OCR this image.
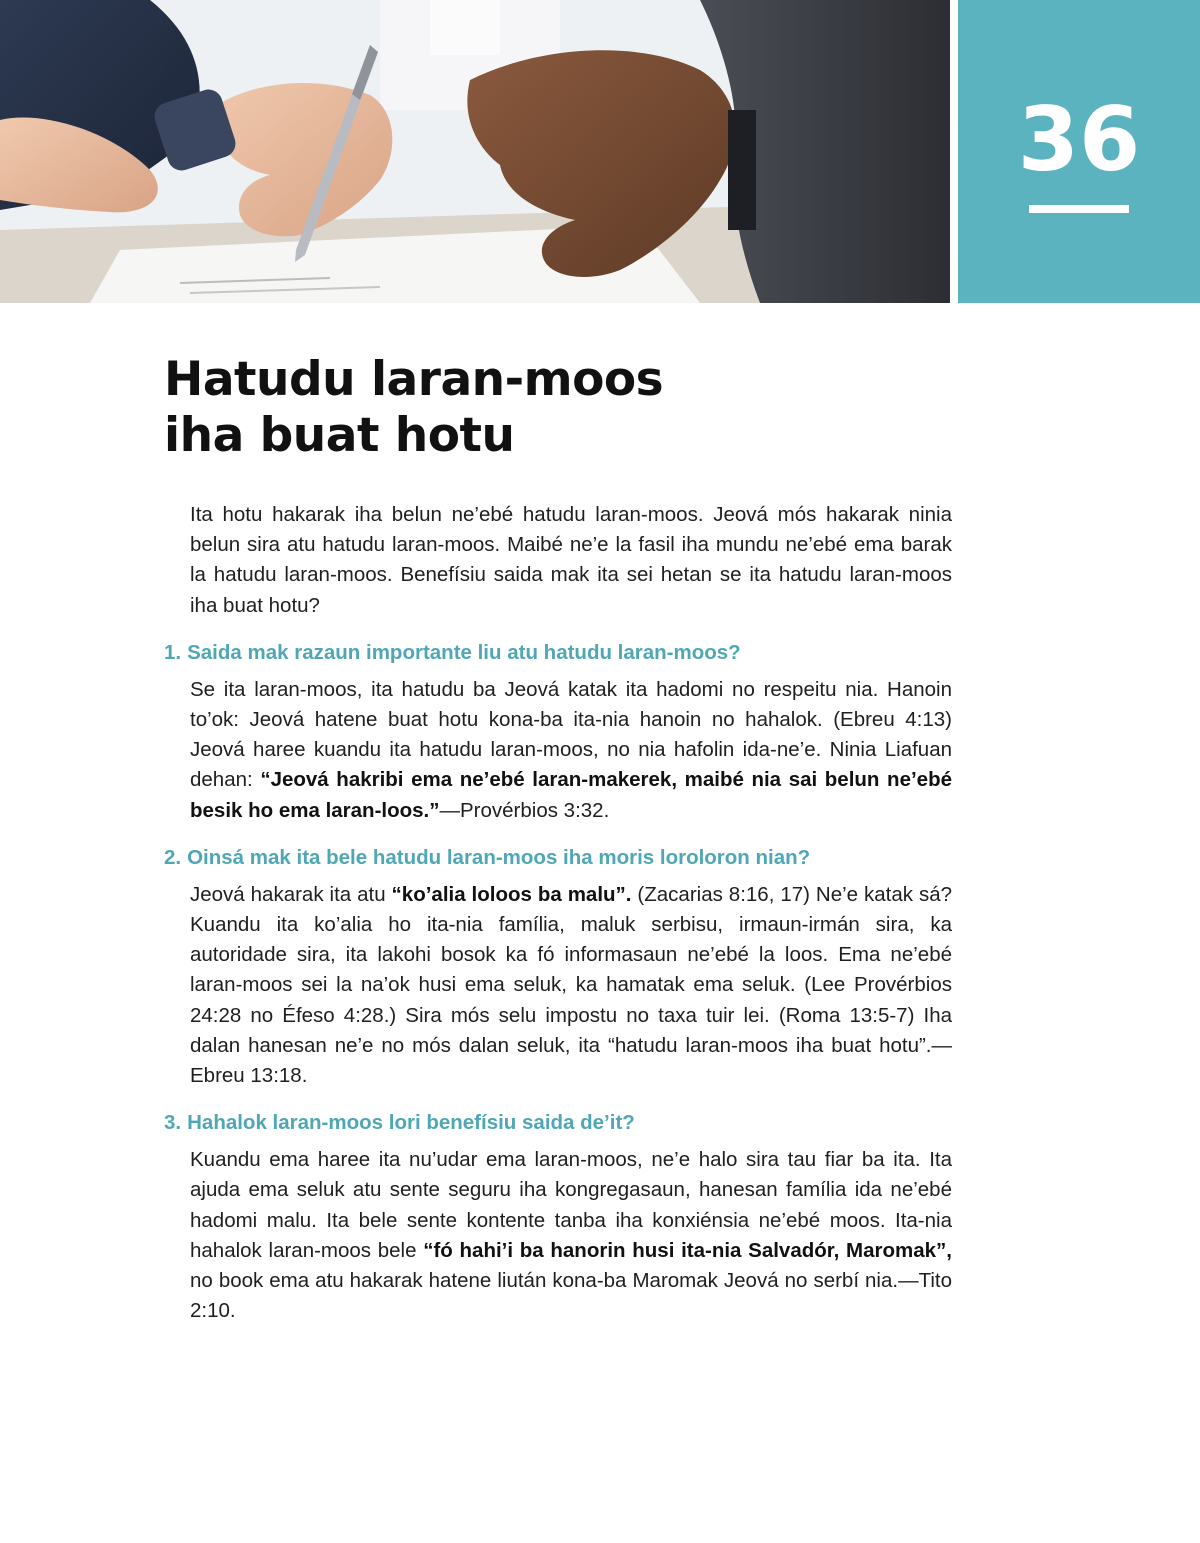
36
Hatudu laran-moos
iha buat hotu

Ita hotu hakarak iha belun ne’ebé hatudu laran-moos. Jeová mós hakarak ninia belun sira atu hatudu laran-moos. Maibé ne’e la fasil iha mundu ne’ebé ema barak la hatudu laran-moos. Benefísiu saida mak ita sei hetan se ita hatudu laran-moos iha buat hotu?

1. Saida mak razaun importante liu atu hatudu laran-moos?

Se ita laran-moos, ita hatudu ba Jeová katak ita hadomi no respeitu nia. Hanoin to’ok: Jeová hatene buat hotu kona-ba ita-nia hanoin no hahalok. (Ebreu 4:13) Jeová haree kuandu ita hatudu laran-moos, no nia hafolin ida-ne’e. Ninia Liafuan dehan: “Jeová hakribi ema ne’ebé laran-makerek, maibé nia sai belun ne’ebé besik ho ema laran-loos.”—Provérbios 3:32.

2. Oinsá mak ita bele hatudu laran-moos iha moris loroloron nian?

Jeová hakarak ita atu “ko’alia loloos ba malu”. (Zacarias 8:16, 17) Ne’e katak sá? Kuandu ita ko’alia ho ita-nia família, maluk serbisu, irmaun-irmán sira, ka autoridade sira, ita lakohi bosok ka fó informasaun ne’ebé la loos. Ema ne’ebé laran-moos sei la na’ok husi ema seluk, ka hamatak ema seluk. (Lee Provérbios 24:28 no Éfeso 4:28.) Sira mós selu impostu no taxa tuir lei. (Roma 13:5-7) Iha dalan hanesan ne’e no mós dalan seluk, ita “hatudu laran-moos iha buat hotu”.—Ebreu 13:18.

3. Hahalok laran-moos lori benefísiu saida de’it?

Kuandu ema haree ita nu’udar ema laran-moos, ne’e halo sira tau fiar ba ita. Ita ajuda ema seluk atu sente seguru iha kongregasaun, hanesan família ida ne’ebé hadomi malu. Ita bele sente kontente tanba iha konxiénsia ne’ebé moos. Ita-nia hahalok laran-moos bele “fó hahi’i ba hanorin husi ita-nia Salvadór, Maromak”, no book ema atu hakarak hatene liután kona-ba Maromak Jeová no serbí nia.—Tito 2:10.
